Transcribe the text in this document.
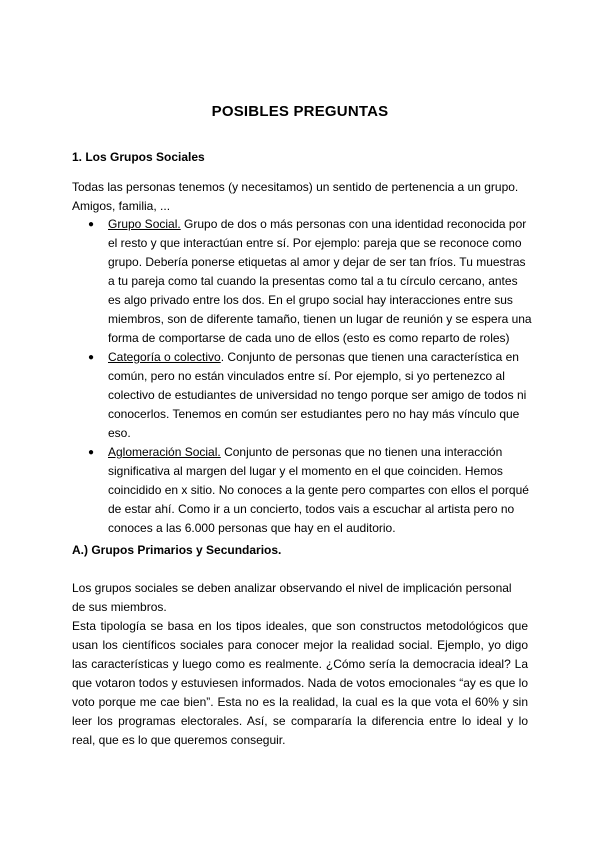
POSIBLES PREGUNTAS
1. Los Grupos Sociales
Todas las personas tenemos (y necesitamos) un sentido de pertenencia a un grupo. Amigos, familia, ...
● Grupo Social. Grupo de dos o más personas con una identidad reconocida por el resto y que interactúan entre sí. Por ejemplo: pareja que se reconoce como grupo. Debería ponerse etiquetas al amor y dejar de ser tan fríos. Tu muestras a tu pareja como tal cuando la presentas como tal a tu círculo cercano, antes es algo privado entre los dos. En el grupo social hay interacciones entre sus miembros, son de diferente tamaño, tienen un lugar de reunión y se espera una forma de comportarse de cada uno de ellos (esto es como reparto de roles)
● Categoría o colectivo. Conjunto de personas que tienen una característica en común, pero no están vinculados entre sí. Por ejemplo, si yo pertenezco al colectivo de estudiantes de universidad no tengo porque ser amigo de todos ni conocerlos. Tenemos en común ser estudiantes pero no hay más vínculo que eso.
● Aglomeración Social. Conjunto de personas que no tienen una interacción significativa al margen del lugar y el momento en el que coinciden. Hemos coincidido en x sitio. No conoces a la gente pero compartes con ellos el porqué de estar ahí. Como ir a un concierto, todos vais a escuchar al artista pero no conoces a las 6.000 personas que hay en el auditorio.
A.) Grupos Primarios y Secundarios.
Los grupos sociales se deben analizar observando el nivel de implicación personal de sus miembros.
Esta tipología se basa en los tipos ideales, que son constructos metodológicos que usan los científicos sociales para conocer mejor la realidad social. Ejemplo, yo digo las características y luego como es realmente. ¿Cómo sería la democracia ideal? La que votaron todos y estuviesen informados. Nada de votos emocionales “ay es que lo voto porque me cae bien”. Esta no es la realidad, la cual es la que vota el 60% y sin leer los programas electorales. Así, se compararía la diferencia entre lo ideal y lo real, que es lo que queremos conseguir.
